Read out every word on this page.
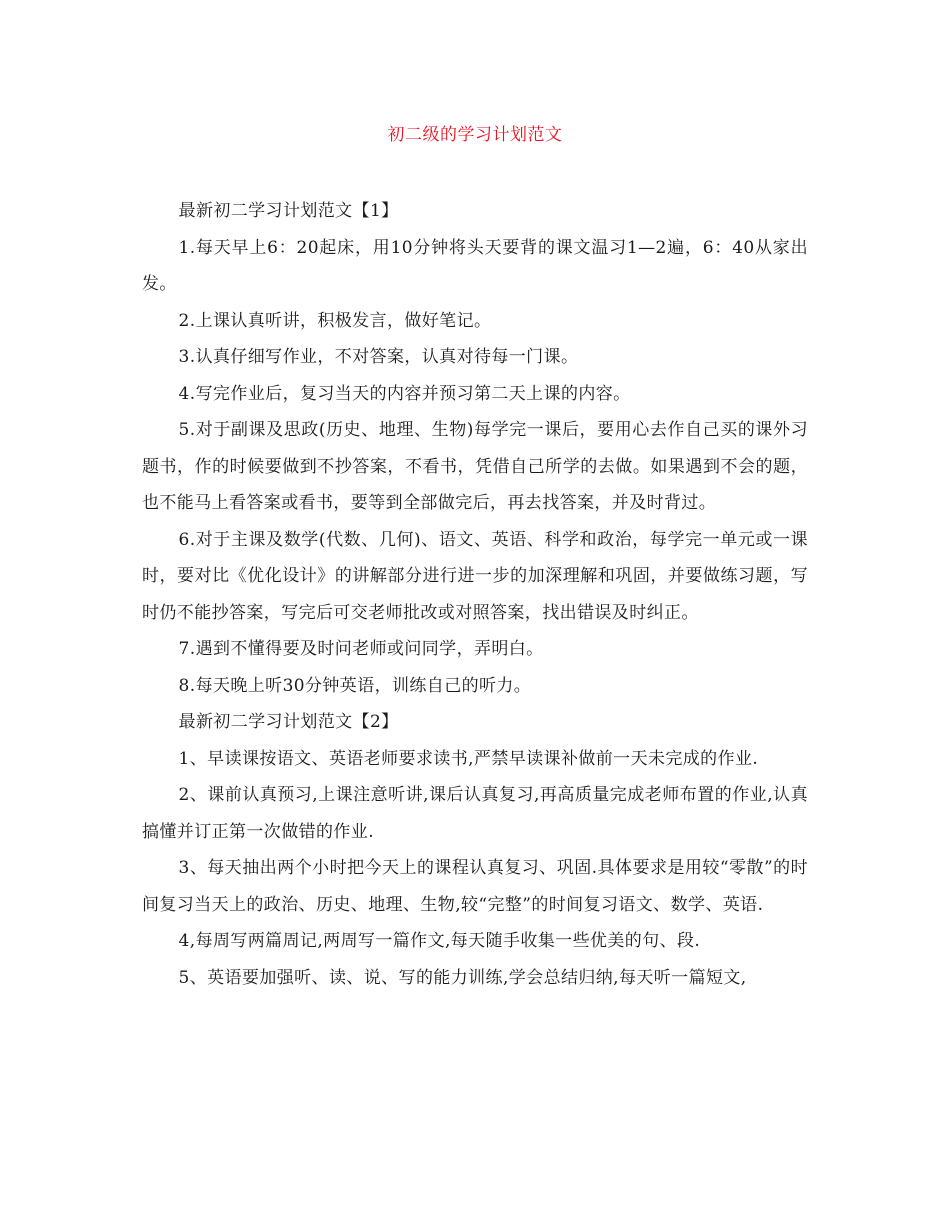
初二级的学习计划范文

最新初二学习计划范文【1】

1.每天早上6：20起床，用10分钟将头天要背的课文温习1—2遍，6：40从家出发。

2.上课认真听讲，积极发言，做好笔记。

3.认真仔细写作业，不对答案，认真对待每一门课。

4.写完作业后，复习当天的内容并预习第二天上课的内容。

5.对于副课及思政(历史、地理、生物)每学完一课后，要用心去作自己买的课外习题书，作的时候要做到不抄答案，不看书，凭借自己所学的去做。如果遇到不会的题，也不能马上看答案或看书，要等到全部做完后，再去找答案，并及时背过。

6.对于主课及数学(代数、几何)、语文、英语、科学和政治，每学完一单元或一课时，要对比《优化设计》的讲解部分进行进一步的加深理解和巩固，并要做练习题，写时仍不能抄答案，写完后可交老师批改或对照答案，找出错误及时纠正。

7.遇到不懂得要及时问老师或问同学，弄明白。

8.每天晚上听30分钟英语，训练自己的听力。

最新初二学习计划范文【2】

1、早读课按语文、英语老师要求读书,严禁早读课补做前一天未完成的作业.

2、课前认真预习,上课注意听讲,课后认真复习,再高质量完成老师布置的作业,认真搞懂并订正第一次做错的作业.

3、每天抽出两个小时把今天上的课程认真复习、巩固.具体要求是用较“零散”的时间复习当天上的政治、历史、地理、生物,较“完整”的时间复习语文、数学、英语.

4,每周写两篇周记,两周写一篇作文,每天随手收集一些优美的句、段.

5、英语要加强听、读、说、写的能力训练,学会总结归纳,每天听一篇短文,
